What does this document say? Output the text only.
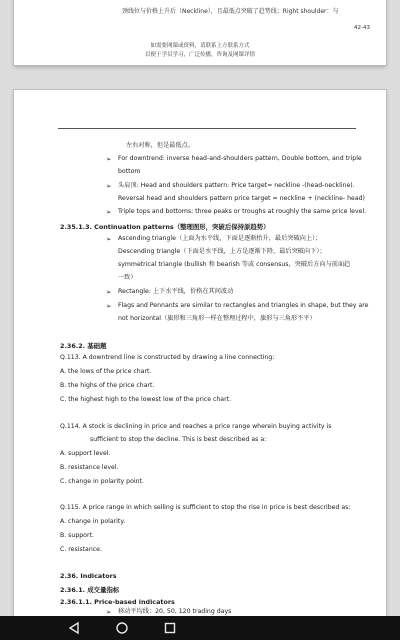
颈线位与价格上升后（Neckline），且最低点突破了趋势线；Right shoulder：与
42-43
如需要网课或资料，请联系上方联系方式
以便于学员学习，广泛传播，咨询及网课详情
左右对称，但是最低点。
➢ For downtrend: inverse head-and-shoulders pattern, Double bottom, and triple
bottom
➢ 头肩顶: Head and shoulders pattern: Price target= neckline -(head-neckline).
Reversal head and shoulders pattern price target = neckline + (neckline- head)
➢ Triple tops and bottoms: three peaks or troughs at roughly the same price level.
2.35.1.3. Continuation patterns（整理图形，突破后保持原趋势）
➢ Ascending triangle（上面为水平线，下面是逐渐抬升，最后突破向上）；
Descending triangle（下面是水平线，上方是逐渐下降，最后突破向下）；
symmetrical triangle (bullish 和 bearish 等或 consensus，突破后方向与前面趋
一致）
➢ Rectangle: 上下水平线，价格在其间波动
➢ Flags and Pennants are similar to rectangles and triangles in shape, but they are
not horizontal（旗形和三角形一样在整理过程中，旗形与三角形不平）
2.36.2. 基础题
Q.113. A downtrend line is constructed by drawing a line connecting:
A. the lows of the price chart.
B. the highs of the price chart.
C. the highest high to the lowest low of the price chart.
Q.114. A stock is declining in price and reaches a price range wherein buying activity is
sufficient to stop the decline. This is best described as a:
A. support level.
B. resistance level.
C. change in polarity point.
Q.115. A price range in which selling is sufficient to stop the rise in price is best described as:
A. change in polarity.
B. support.
C. resistance.
2.36. Indicators
2.36.1. 成交量指标
2.36.1.1. Price-based indicators
➢ 移动平均线：20, 50, 120 trading days
